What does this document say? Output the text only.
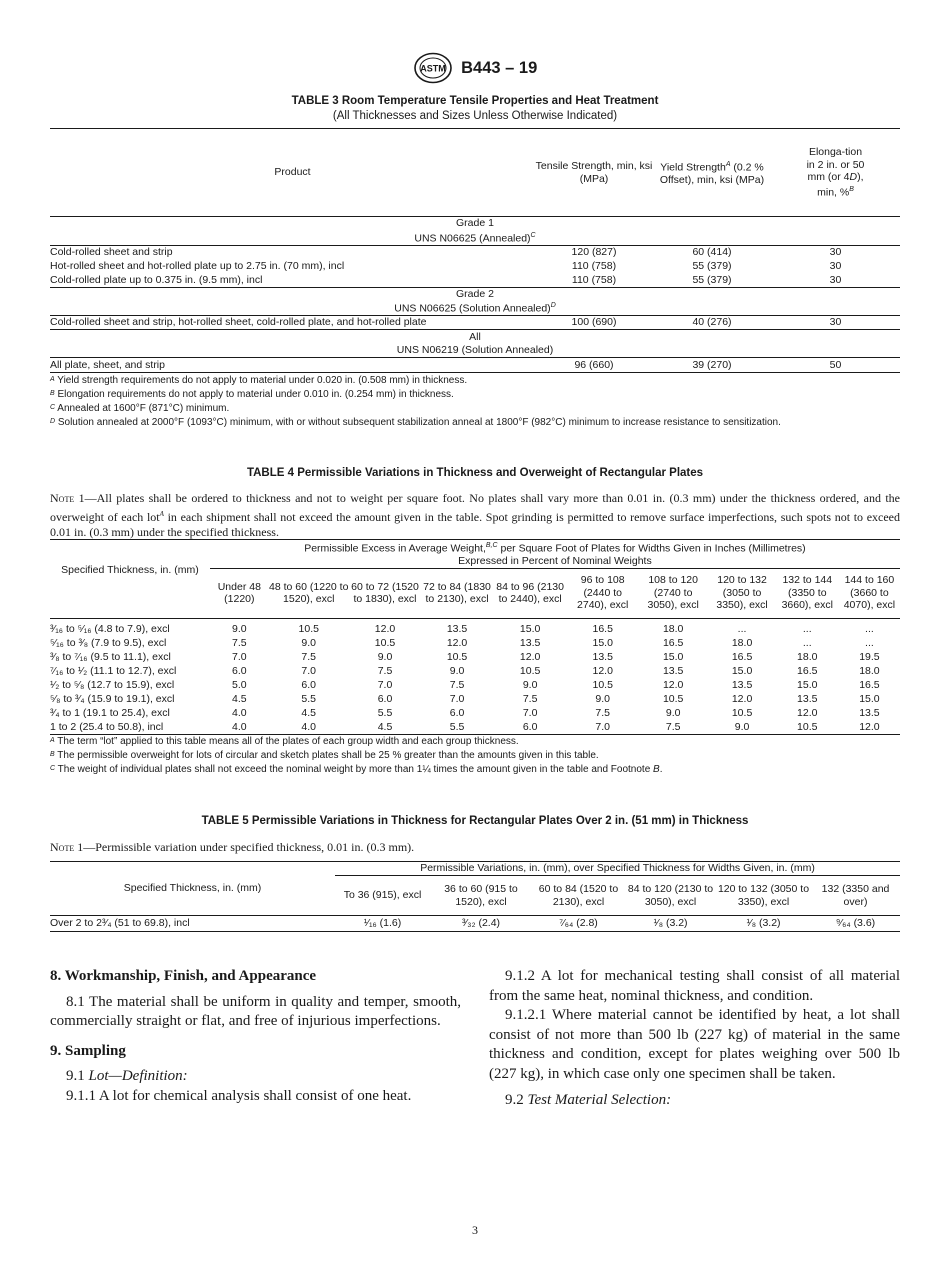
ASTM B443 – 19
TABLE 3 Room Temperature Tensile Properties and Heat Treatment
(All Thicknesses and Sizes Unless Otherwise Indicated)
Product	Tensile Strength, min, ksi (MPa)	Yield Strength$^A$ (0.2 % Offset), min, ksi (MPa)	Elonga-tion in 2 in. or 50 mm (or 4D), min, %$^B$

Grade 1
UNS N06625 (Annealed)$^C$

Cold-rolled sheet and strip	120 (827)	60 (414)	30
Hot-rolled sheet and hot-rolled plate up to 2.75 in. (70 mm), incl	110 (758)	55 (379)	30
Cold-rolled plate up to 0.375 in. (9.5 mm), incl	110 (758)	55 (379)	30

Grade 2
UNS N06625 (Solution Annealed)$^D$

Cold-rolled sheet and strip, hot-rolled sheet, cold-rolled plate, and hot-rolled plate	100 (690)	40 (276)	30

All
UNS N06219 (Solution Annealed)			

All plate, sheet, and strip	96 (660)	39 (270)	50
$^A$ Yield strength requirements do not apply to material under 0.020 in. (0.508 mm) in thickness.
$^B$ Elongation requirements do not apply to material under 0.010 in. (0.254 mm) in thickness.
$^C$ Annealed at 1600°F (871°C) minimum.
$^D$ Solution annealed at 2000°F (1093°C) minimum, with or without subsequent stabilization anneal at 1800°F (982°C) minimum to increase resistance to sensitization.
TABLE 4 Permissible Variations in Thickness and Overweight of Rectangular Plates
Note 1—All plates shall be ordered to thickness and not to weight per square foot. No plates shall vary more than 0.01 in. (0.3 mm) under the thickness ordered, and the overweight of each lot$^A$ in each shipment shall not exceed the amount given in the table. Spot grinding is permitted to remove surface imperfections, such spots not to exceed 0.01 in. (0.3 mm) under the specified thickness.
Specified Thickness, in. (mm)	Permissible Excess in Average Weight,$^{B,C}$ per Square Foot of Plates for Widths Given in Inches (Millimetres)
Expressed in Percent of Nominal Weights									

	Under 48 (1220)	48 to 60 (1220 to 1520), excl	60 to 72 (1520 to 1830), excl	72 to 84 (1830 to 2130), excl	84 to 96 (2130 to 2440), excl	96 to 108 (2440 to 2740), excl	108 to 120 (2740 to 3050), excl	120 to 132 (3050 to 3350), excl	132 to 144 (3350 to 3660), excl	144 to 160 (3660 to 4070), excl
³⁄₁₆ to ⁵⁄₁₆ (4.8 to 7.9), excl	9.0	10.5	12.0	13.5	15.0	16.5	18.0	...	...	...
⁵⁄₁₆ to ³⁄₈ (7.9 to 9.5), excl	7.5	9.0	10.5	12.0	13.5	15.0	16.5	18.0	...	...
³⁄₈ to ⁷⁄₁₆ (9.5 to 11.1), excl	7.0	7.5	9.0	10.5	12.0	13.5	15.0	16.5	18.0	19.5
⁷⁄₁₆ to ¹⁄₂ (11.1 to 12.7), excl	6.0	7.0	7.5	9.0	10.5	12.0	13.5	15.0	16.5	18.0
¹⁄₂ to ⁵⁄₈ (12.7 to 15.9), excl	5.0	6.0	7.0	7.5	9.0	10.5	12.0	13.5	15.0	16.5
⁵⁄₈ to ³⁄₄ (15.9 to 19.1), excl	4.5	5.5	6.0	7.0	7.5	9.0	10.5	12.0	13.5	15.0
³⁄₄ to 1 (19.1 to 25.4), excl	4.0	4.5	5.5	6.0	7.0	7.5	9.0	10.5	12.0	13.5
1 to 2 (25.4 to 50.8), incl	4.0	4.0	4.5	5.5	6.0	7.0	7.5	9.0	10.5	12.0
$^A$ The term “lot” applied to this table means all of the plates of each group width and each group thickness.
$^B$ The permissible overweight for lots of circular and sketch plates shall be 25 % greater than the amounts given in this table.
$^C$ The weight of individual plates shall not exceed the nominal weight by more than 1¼ times the amount given in the table and Footnote B.
TABLE 5 Permissible Variations in Thickness for Rectangular Plates Over 2 in. (51 mm) in Thickness
Note 1—Permissible variation under specified thickness, 0.01 in. (0.3 mm).
Specified Thickness, in. (mm)	Permissible Variations, in. (mm), over Specified Thickness for Widths Given, in. (mm)					
	To 36 (915), excl	36 to 60 (915 to 1520), excl	60 to 84 (1520 to 2130), excl	84 to 120 (2130 to 3050), excl	120 to 132 (3050 to 3350), excl	132 (3350 and over)
Over 2 to 2³⁄₄ (51 to 69.8), incl	¹⁄₁₆ (1.6)	³⁄₃₂ (2.4)	⁷⁄₆₄ (2.8)	¹⁄₈ (3.2)	¹⁄₈ (3.2)	⁹⁄₆₄ (3.6)
8. Workmanship, Finish, and Appearance

8.1 The material shall be uniform in quality and temper, smooth, commercially straight or flat, and free of injurious imperfections.

9. Sampling

9.1 Lot—Definition:

9.1.1 A lot for chemical analysis shall consist of one heat.

9.1.2 A lot for mechanical testing shall consist of all material from the same heat, nominal thickness, and condition.

9.1.2.1 Where material cannot be identified by heat, a lot shall consist of not more than 500 lb (227 kg) of material in the same thickness and condition, except for plates weighing over 500 lb (227 kg), in which case only one specimen shall be taken.

9.2 Test Material Selection:

3
